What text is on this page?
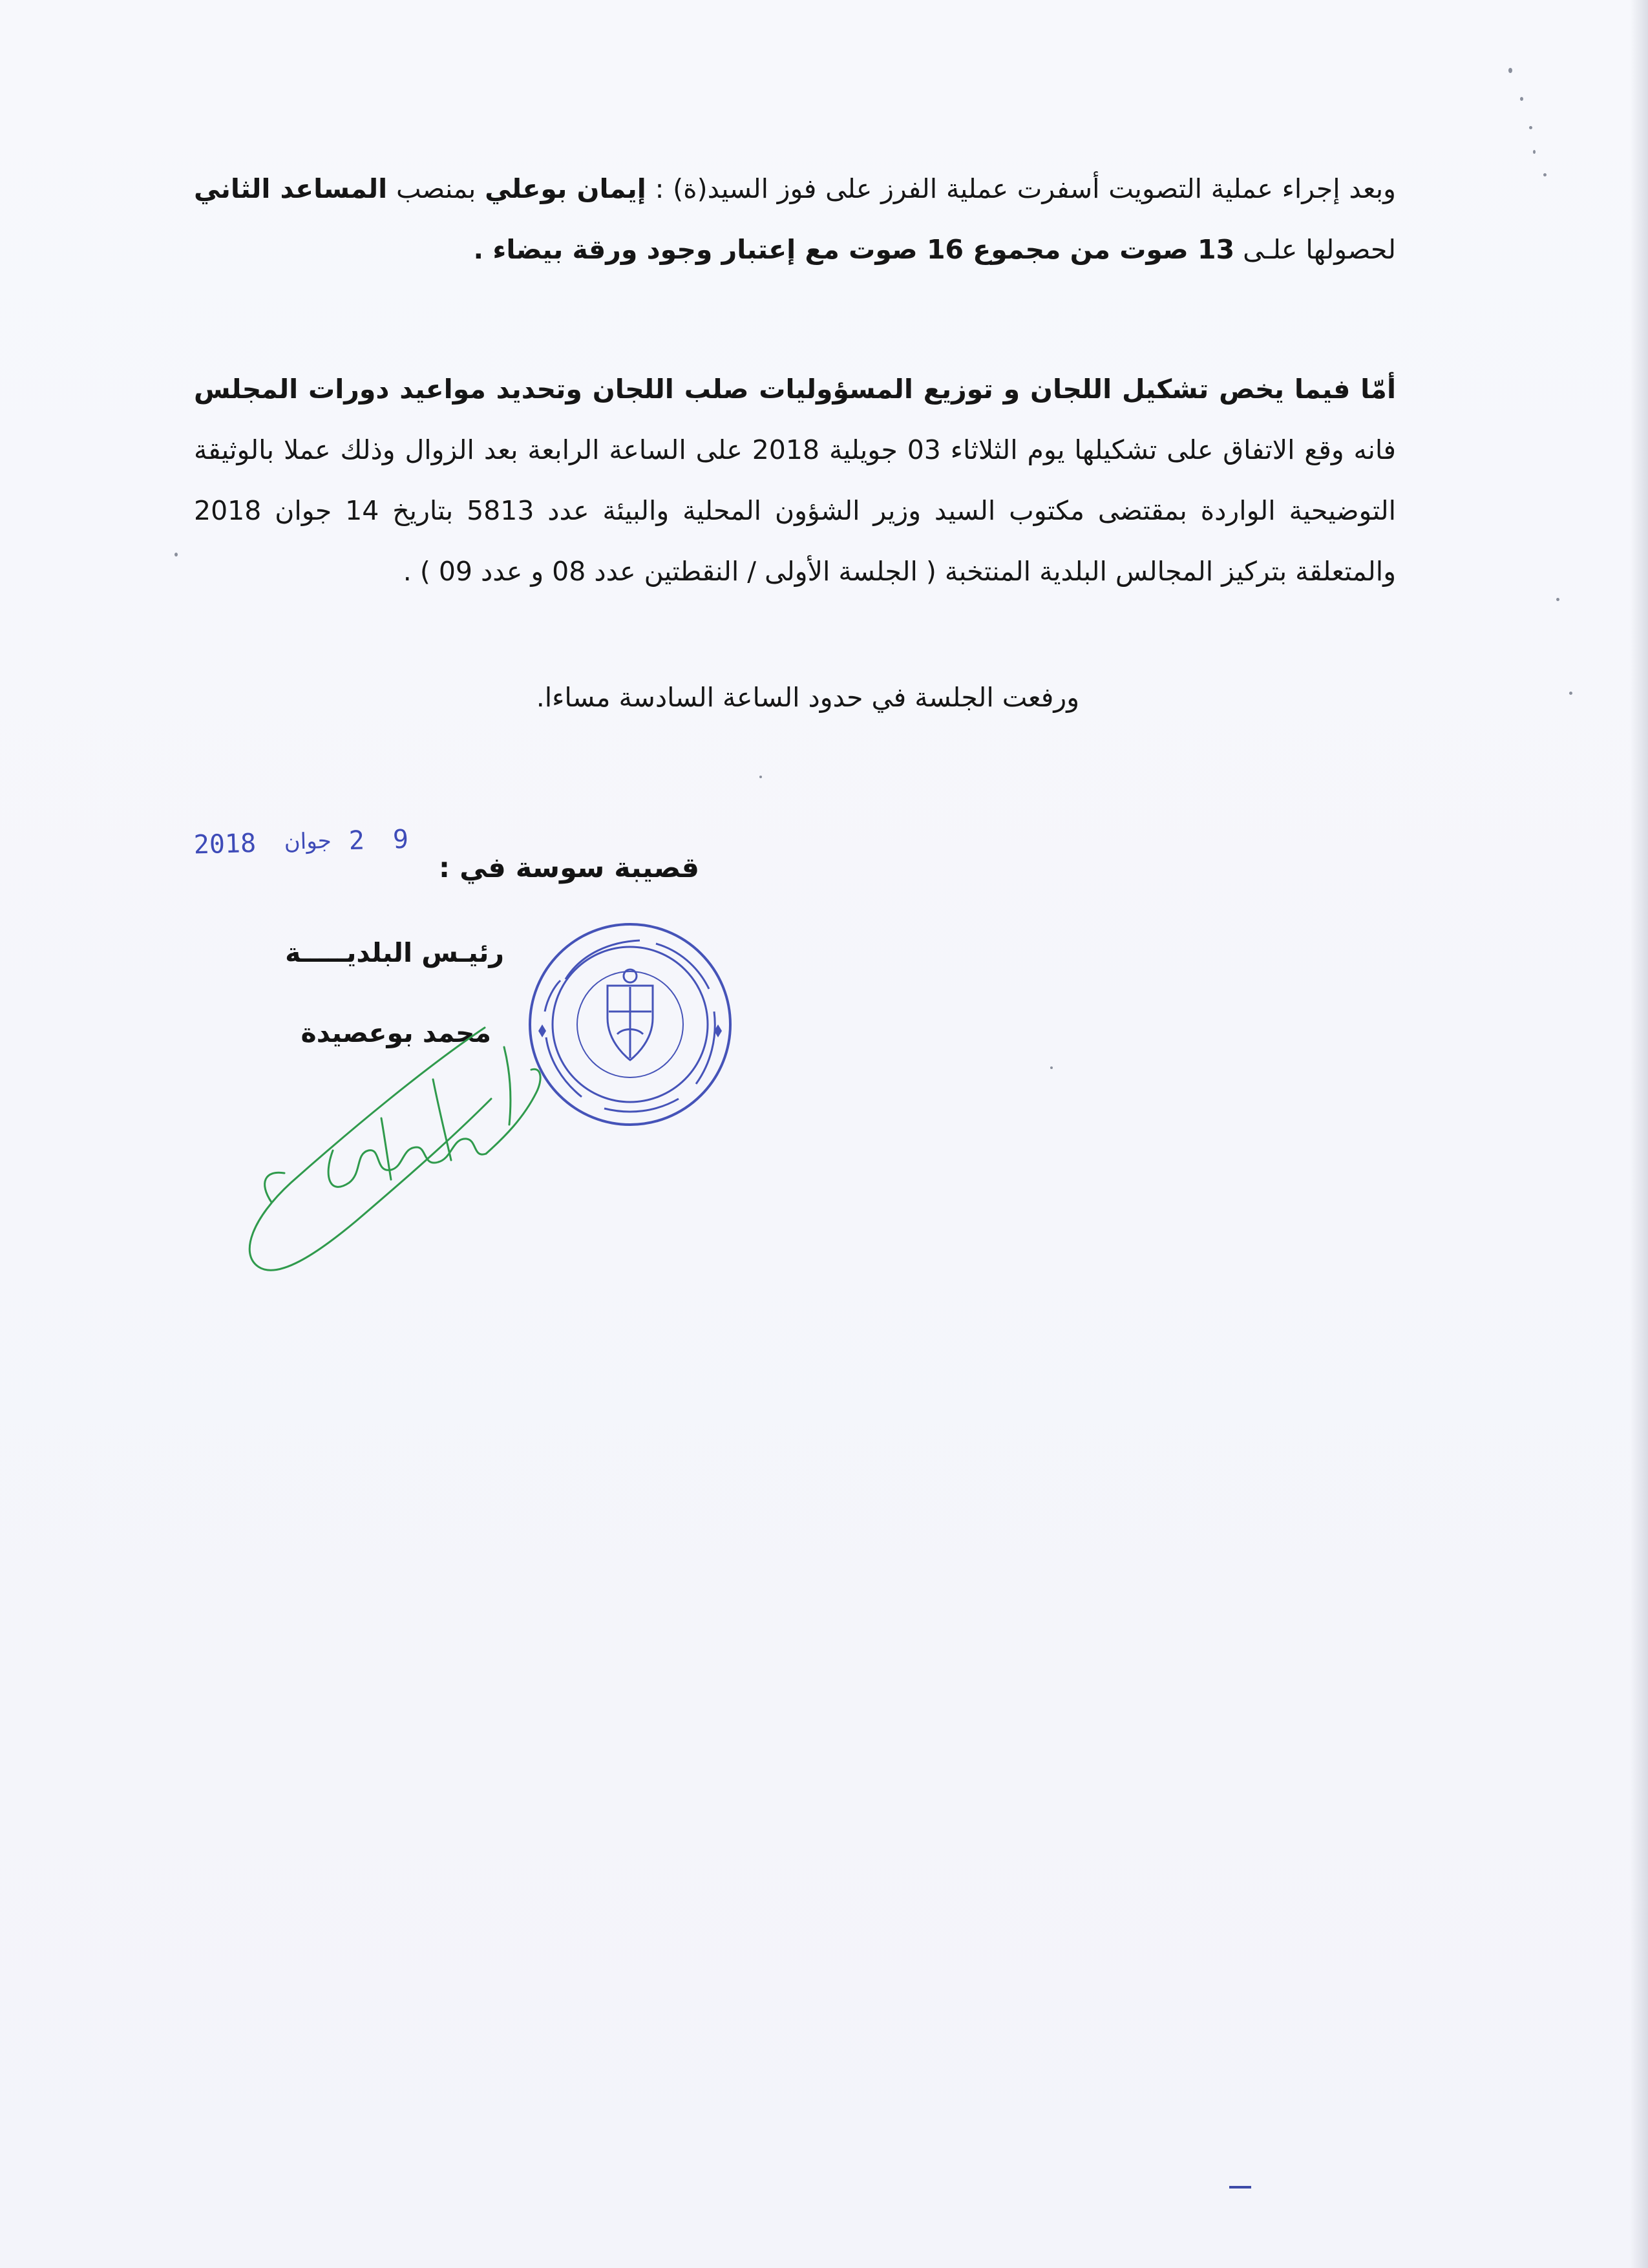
وبعد إجراء عملية التصويت أسفرت عملية الفرز على فوز السيد(ة) : إيمان بوعلي بمنصب المساعد الثاني لحصولها علـى 13 صوت من مجموع 16 صوت مع إعتبار وجود ورقة بيضاء .
أمّا فيما يخص تشكيل اللجان و توزيع المسؤوليات صلب اللجان وتحديد مواعيد دورات المجلس فانه وقع الاتفاق على تشكيلها يوم الثلاثاء 03 جويلية 2018 على الساعة الرابعة بعد الزوال وذلك عملا بالوثيقة التوضيحية الواردة بمقتضى مكتوب السيد وزير الشؤون المحلية والبيئة عدد 5813 بتاريخ 14 جوان 2018 والمتعلقة بتركيز المجالس البلدية المنتخبة ( الجلسة الأولى / النقطتين عدد 08 و عدد 09 ) .
ورفعت الجلسة في حدود الساعة السادسة مساءا.
قصيبة سوسة في :
2018 جوان 2 9
رئيـس البلديـــــة
محمد بوعصيدة
